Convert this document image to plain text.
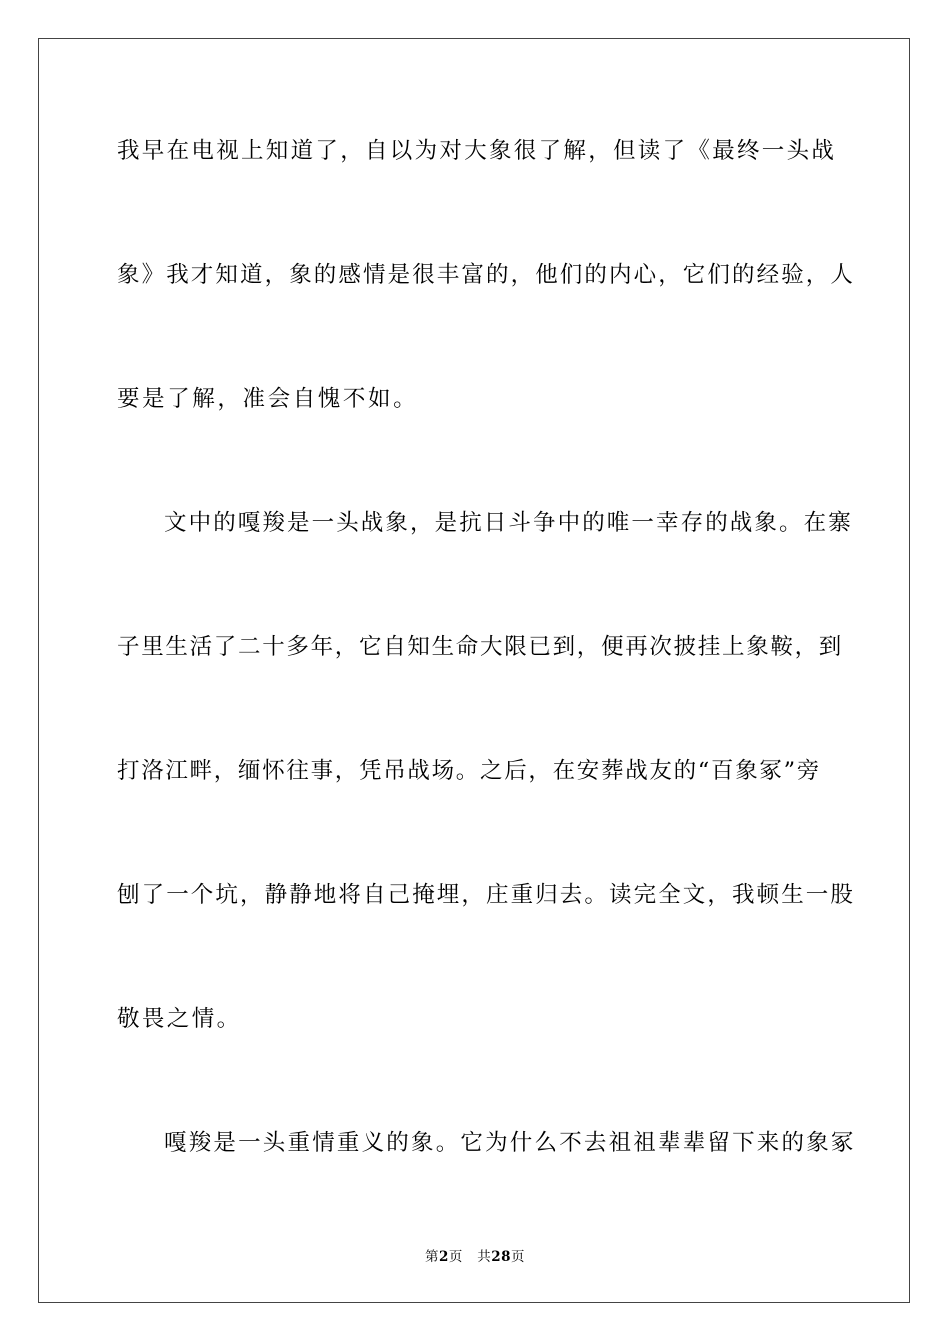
我早在电视上知道了，自以为对大象很了解，但读了《最终一头战
象》我才知道，象的感情是很丰富的，他们的内心，它们的经验，人
要是了解，准会自愧不如。
文中的嘎羧是一头战象，是抗日斗争中的唯一幸存的战象。在寨
子里生活了二十多年，它自知生命大限已到，便再次披挂上象鞍，到
打洛江畔，缅怀往事，凭吊战场。之后，在安葬战友的“百象冢”旁
刨了一个坑，静静地将自己掩埋，庄重归去。读完全文，我顿生一股
敬畏之情。
嘎羧是一头重情重义的象。它为什么不去祖祖辈辈留下来的象冢
第2页 共28页
